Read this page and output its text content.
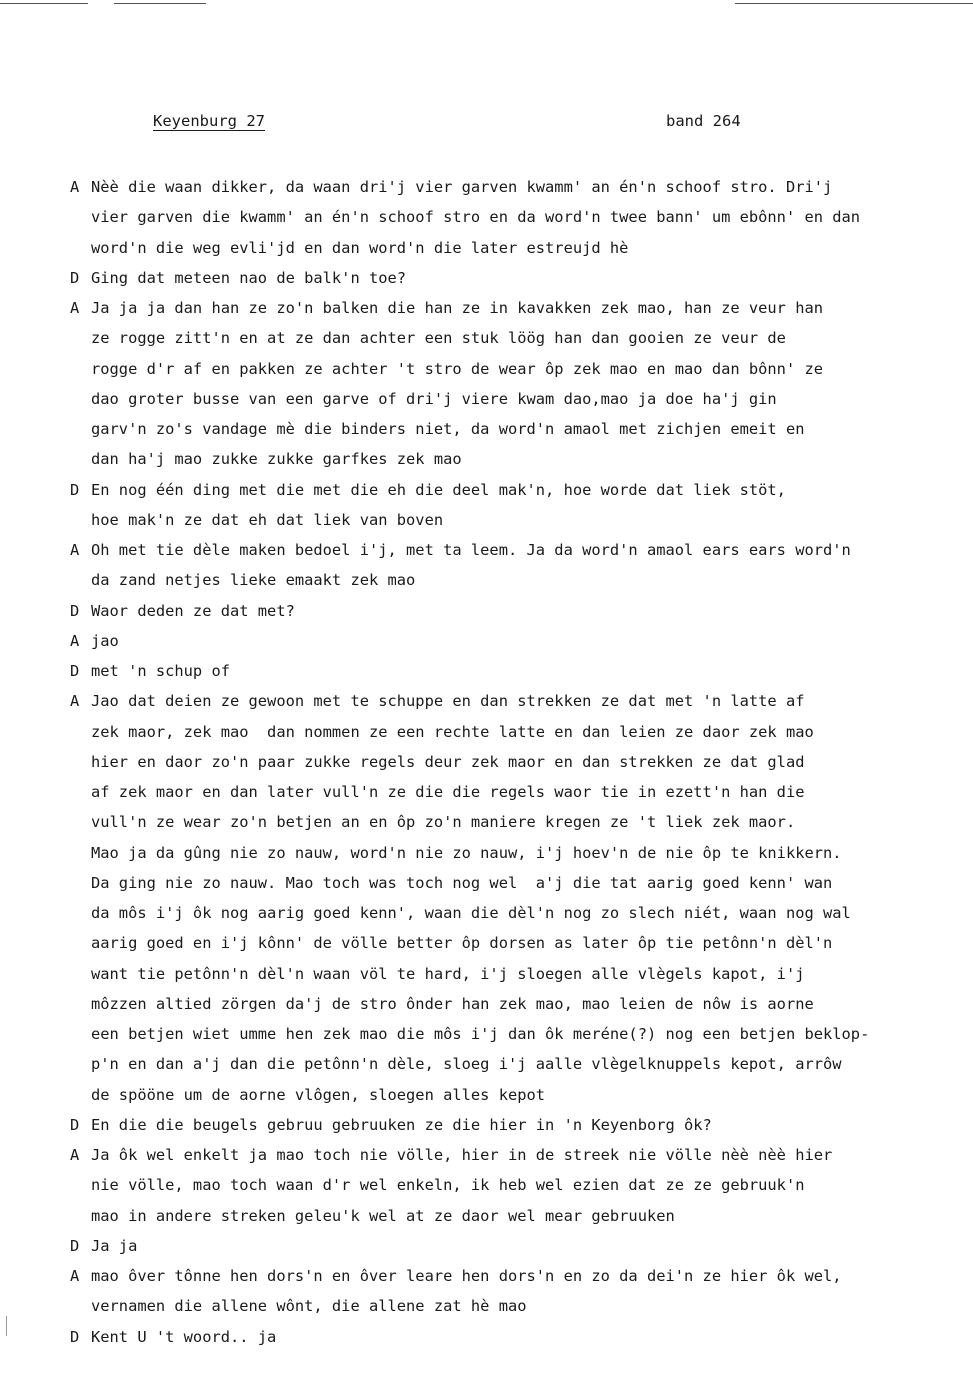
Keyenburg 27	band 264
A Nèè die waan dikker, da waan dri'j vier garven kwamm' an én'n schoof stro. Dri'j
vier garven die kwamm' an én'n schoof stro en da word'n twee bann' um ebônn' en dan
word'n die weg evli'jd en dan word'n die later estreujd hè
D Ging dat meteen nao de balk'n toe?
A Ja ja ja dan han ze zo'n balken die han ze in kavakken zek mao, han ze veur han
ze rogge zitt'n en at ze dan achter een stuk löög han dan gooien ze veur de
rogge d'r af en pakken ze achter 't stro de wear ôp zek mao en mao dan bônn' ze
dao groter busse van een garve of dri'j viere kwam dao,mao ja doe ha'j gin
garv'n zo's vandage mè die binders niet, da word'n amaol met zichjen emeit en
dan ha'j mao zukke zukke garfkes zek mao
D En nog één ding met die met die eh die deel mak'n, hoe worde dat liek stöt,
hoe mak'n ze dat eh dat liek van boven
A Oh met tie dèle maken bedoel i'j, met ta leem. Ja da word'n amaol ears ears word'n
da zand netjes lieke emaakt zek mao
D Waor deden ze dat met?
A jao
D met 'n schup of
A Jao dat deien ze gewoon met te schuppe en dan strekken ze dat met 'n latte af
zek maor, zek mao  dan nommen ze een rechte latte en dan leien ze daor zek mao
hier en daor zo'n paar zukke regels deur zek maor en dan strekken ze dat glad
af zek maor en dan later vull'n ze die die regels waor tie in ezett'n han die
vull'n ze wear zo'n betjen an en ôp zo'n maniere kregen ze 't liek zek maor.
Mao ja da gûng nie zo nauw, word'n nie zo nauw, i'j hoev'n de nie ôp te knikkern.
Da ging nie zo nauw. Mao toch was toch nog wel  a'j die tat aarig goed kenn' wan
da môs i'j ôk nog aarig goed kenn', waan die dèl'n nog zo slech niét, waan nog wal
aarig goed en i'j kônn' de völle better ôp dorsen as later ôp tie petônn'n dèl'n
want tie petônn'n dèl'n waan völ te hard, i'j sloegen alle vlègels kapot, i'j
môzzen altied zörgen da'j de stro ônder han zek mao, mao leien de nôw is aorne
een betjen wiet umme hen zek mao die môs i'j dan ôk meréne(?) nog een betjen beklop-
p'n en dan a'j dan die petônn'n dèle, sloeg i'j aalle vlègelknuppels kepot, arrôw
de spööne um de aorne vlôgen, sloegen alles kepot
D En die die beugels gebruu gebruuken ze die hier in 'n Keyenborg ôk?
A Ja ôk wel enkelt ja mao toch nie völle, hier in de streek nie völle nèè nèè hier
nie völle, mao toch waan d'r wel enkeln, ik heb wel ezien dat ze ze gebruuk'n
mao in andere streken geleu'k wel at ze daor wel mear gebruuken
D Ja ja
A mao ôver tônne hen dors'n en ôver leare hen dors'n en zo da dei'n ze hier ôk wel,
vernamen die allene wônt, die allene zat hè mao
D Kent U 't woord.. ja
